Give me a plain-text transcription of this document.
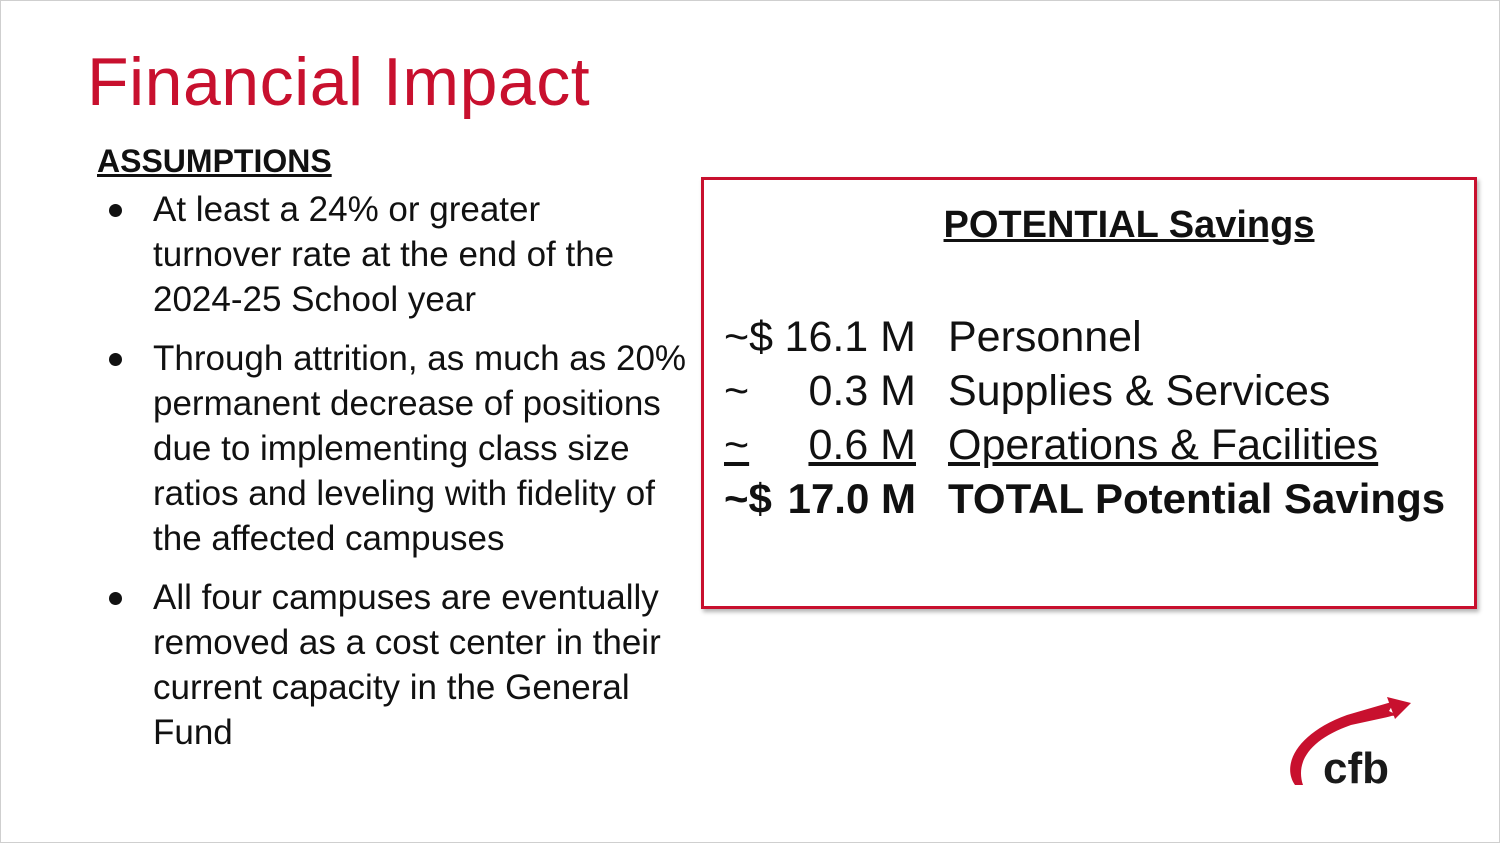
Financial Impact
ASSUMPTIONS
At least a 24% or greater turnover rate at the end of the 2024-25 School year
Through attrition, as much as 20% permanent decrease of positions due to implementing class size ratios and leveling with fidelity of the affected campuses
All four campuses are eventually removed as a cost center in their current capacity in the General Fund
POTENTIAL Savings
~$ 16.1 M Personnel
~	0.3 M Supplies & Services
~	0.6 M Operations & Facilities
~$ 17.0 M TOTAL Potential Savings
cfb
